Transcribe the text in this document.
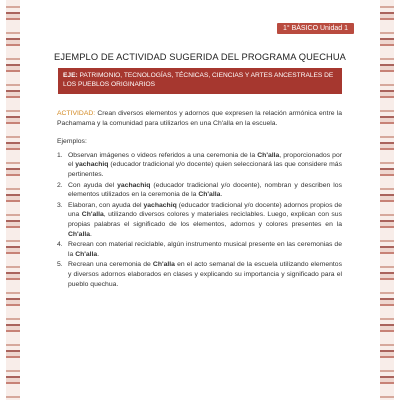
1° BÁSICO Unidad 1
EJEMPLO DE ACTIVIDAD SUGERIDA DEL PROGRAMA QUECHUA
EJE: PATRIMONIO, TECNOLOGÍAS, TÉCNICAS, CIENCIAS Y ARTES ANCESTRALES DE LOS PUEBLOS ORIGINARIOS

ACTIVIDAD: Crean diversos elementos y adornos que expresen la relación armónica entre la Pachamama y la comunidad para utilizarlos en una Ch'alla en la escuela.

Ejemplos:

1. Observan imágenes o videos referidos a una ceremonia de la Ch'alla, proporcionados por el yachachiq (educador tradicional y/o docente) quien seleccionará las que considere más pertinentes.
2. Con ayuda del yachachiq (educador tradicional y/o docente), nombran y describen los elementos utilizados en la ceremonia de la Ch'alla.
3. Elaboran, con ayuda del yachachiq (educador tradicional y/o docente) adornos propios de una Ch'alla, utilizando diversos colores y materiales reciclables. Luego, explican con sus propias palabras el significado de los elementos, adornos y colores presentes en la Ch'alla.
4. Recrean con material reciclable, algún instrumento musical presente en las ceremonias de la Ch'alla.
5. Recrean una ceremonia de Ch'alla en el acto semanal de la escuela utilizando elementos y diversos adornos elaborados en clases y explicando su importancia y significado para el pueblo quechua.
